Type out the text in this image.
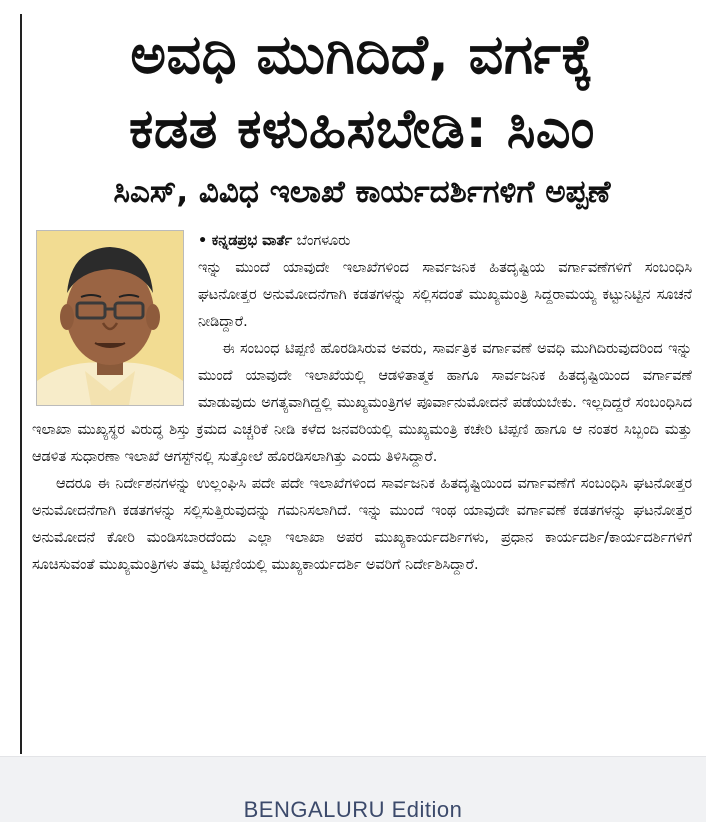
ಅವಧಿ ಮುಗಿದಿದೆ, ವರ್ಗಕ್ಕೆ
ಕಡತ ಕಳುಹಿಸಬೇಡಿ: ಸಿಎಂ
ಸಿಎಸ್‌, ವಿವಿಧ ಇಲಾಖೆ ಕಾರ್ಯದರ್ಶಿಗಳಿಗೆ ಅಪ್ಪಣೆ

• ಕನ್ನಡಪ್ರಭ ವಾರ್ತೆ ಬೆಂಗಳೂರು

ಇನ್ನು ಮುಂದೆ ಯಾವುದೇ ಇಲಾಖೆಗಳಿಂದ ಸಾರ್ವಜನಿಕ ಹಿತದೃಷ್ಟಿಯ ವರ್ಗಾವಣೆಗಳಿಗೆ ಸಂಬಂಧಿಸಿ ಘಟನೋತ್ತರ ಅನುಮೋದನೆಗಾಗಿ ಕಡತಗಳನ್ನು ಸಲ್ಲಿಸದಂತೆ ಮುಖ್ಯಮಂತ್ರಿ ಸಿದ್ದರಾಮಯ್ಯ ಕಟ್ಟುನಿಟ್ಟಿನ ಸೂಚನೆ ನೀಡಿದ್ದಾರೆ.

ಈ ಸಂಬಂಧ ಟಿಪ್ಪಣಿ ಹೊರಡಿಸಿರುವ ಅವರು, ಸಾರ್ವತ್ರಿಕ ವರ್ಗಾವಣೆ ಅವಧಿ ಮುಗಿದಿರುವುದರಿಂದ ಇನ್ನು ಮುಂದೆ ಯಾವುದೇ ಇಲಾಖೆಯಲ್ಲಿ ಆಡಳಿತಾತ್ಮಕ ಹಾಗೂ ಸಾರ್ವಜನಿಕ ಹಿತದೃಷ್ಟಿಯಿಂದ ವರ್ಗಾವಣೆ ಮಾಡುವುದು ಅಗತ್ಯವಾಗಿದ್ದಲ್ಲಿ ಮುಖ್ಯಮಂತ್ರಿಗಳ ಪೂರ್ವಾನುಮೋದನೆ ಪಡೆಯಬೇಕು. ಇಲ್ಲದಿದ್ದರೆ ಸಂಬಂಧಿಸಿದ ಇಲಾಖಾ ಮುಖ್ಯಸ್ಥರ ವಿರುದ್ಧ ಶಿಸ್ತು ಕ್ರಮದ ಎಚ್ಚರಿಕೆ ನೀಡಿ ಕಳೆದ ಜನವರಿಯಲ್ಲಿ ಮುಖ್ಯಮಂತ್ರಿ ಕಚೇರಿ ಟಿಪ್ಪಣಿ ಹಾಗೂ ಆ ನಂತರ ಸಿಬ್ಬಂದಿ ಮತ್ತು ಆಡಳಿತ ಸುಧಾರಣಾ ಇಲಾಖೆ ಆಗಸ್ಟ್‌ನಲ್ಲಿ ಸುತ್ತೋಲೆ ಹೊರಡಿಸಲಾಗಿತ್ತು ಎಂದು ತಿಳಿಸಿದ್ದಾರೆ.

ಆದರೂ ಈ ನಿರ್ದೇಶನಗಳನ್ನು ಉಲ್ಲಂಘಿಸಿ ಪದೇ ಪದೇ ಇಲಾಖೆಗಳಿಂದ ಸಾರ್ವಜನಿಕ ಹಿತದೃಷ್ಟಿಯಿಂದ ವರ್ಗಾವಣೆಗೆ ಸಂಬಂಧಿಸಿ ಘಟನೋತ್ತರ ಅನುಮೋದನೆಗಾಗಿ ಕಡತಗಳನ್ನು ಸಲ್ಲಿಸುತ್ತಿರುವುದನ್ನು ಗಮನಿಸಲಾಗಿದೆ. ಇನ್ನು ಮುಂದೆ ಇಂಥ ಯಾವುದೇ ವರ್ಗಾವಣೆ ಕಡತಗಳನ್ನು ಘಟನೋತ್ತರ ಅನುಮೋದನೆ ಕೋರಿ ಮಂಡಿಸಬಾರದೆಂದು ಎಲ್ಲಾ ಇಲಾಖಾ ಅಪರ ಮುಖ್ಯಕಾರ್ಯದರ್ಶಿಗಳು, ಪ್ರಧಾನ ಕಾರ್ಯದರ್ಶಿ/ಕಾರ್ಯದರ್ಶಿಗಳಿಗೆ ಸೂಚಿಸುವಂತೆ ಮುಖ್ಯಮಂತ್ರಿಗಳು ತಮ್ಮ ಟಿಪ್ಪಣಿಯಲ್ಲಿ ಮುಖ್ಯಕಾರ್ಯದರ್ಶಿ ಅವರಿಗೆ ನಿರ್ದೇಶಿಸಿದ್ದಾರೆ.

BENGALURU Edition
